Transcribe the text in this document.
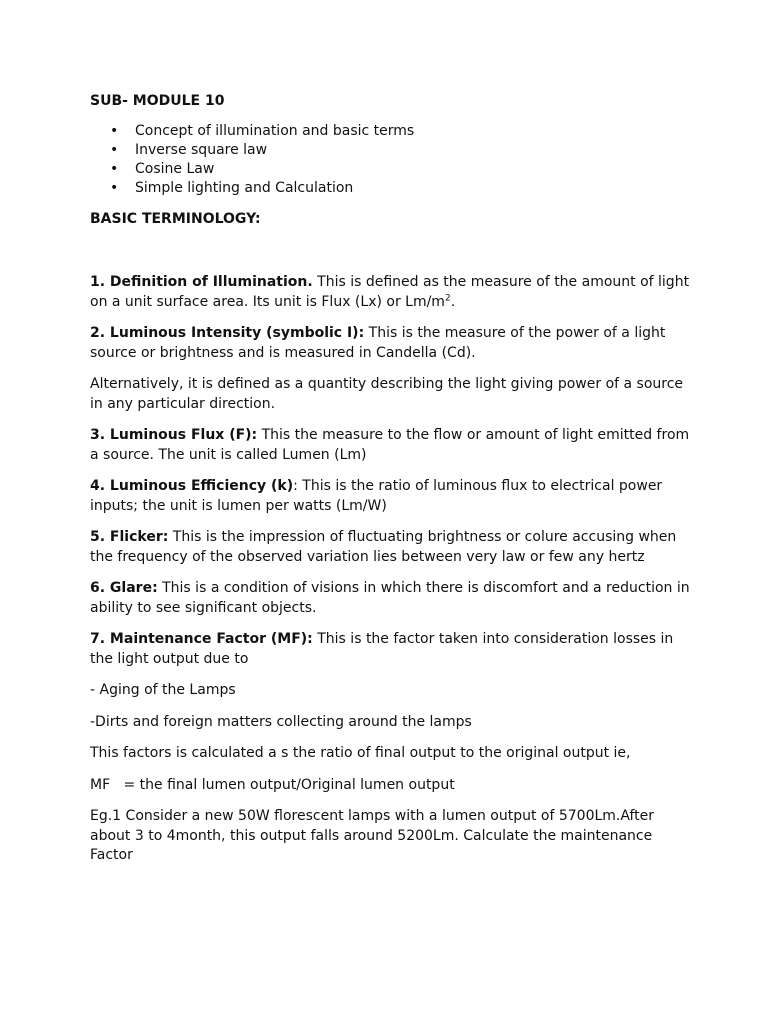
SUB- MODULE 10

• Concept of illumination and basic terms
• Inverse square law
• Cosine Law
• Simple lighting and Calculation

BASIC TERMINOLOGY:

1. Definition of Illumination. This is defined as the measure of the amount of light on a unit surface area. Its unit is Flux (Lx) or $Lm/m^2$.

2. Luminous Intensity (symbolic I): This is the measure of the power of a light source or brightness and is measured in Candella (Cd).

Alternatively, it is defined as a quantity describing the light giving power of a source in any particular direction.

3. Luminous Flux (F): This the measure to the flow or amount of light emitted from a source. The unit is called Lumen (Lm)

4. Luminous Efficiency (k): This is the ratio of luminous flux to electrical power inputs; the unit is lumen per watts (Lm/W)

5. Flicker: This is the impression of fluctuating brightness or colure accusing when the frequency of the observed variation lies between very law or few any hertz

6. Glare: This is a condition of visions in which there is discomfort and a reduction in ability to see significant objects.

7. Maintenance Factor (MF): This is the factor taken into consideration losses in the light output due to

- Aging of the Lamps

-Dirts and foreign matters collecting around the lamps

This factors is calculated a s the ratio of final output to the original output ie,

MF   = the final lumen output/Original lumen output

Eg.1 Consider a new 50W florescent lamps with a lumen output of 5700Lm.After about 3 to 4month, this output falls around 5200Lm. Calculate the maintenance Factor
